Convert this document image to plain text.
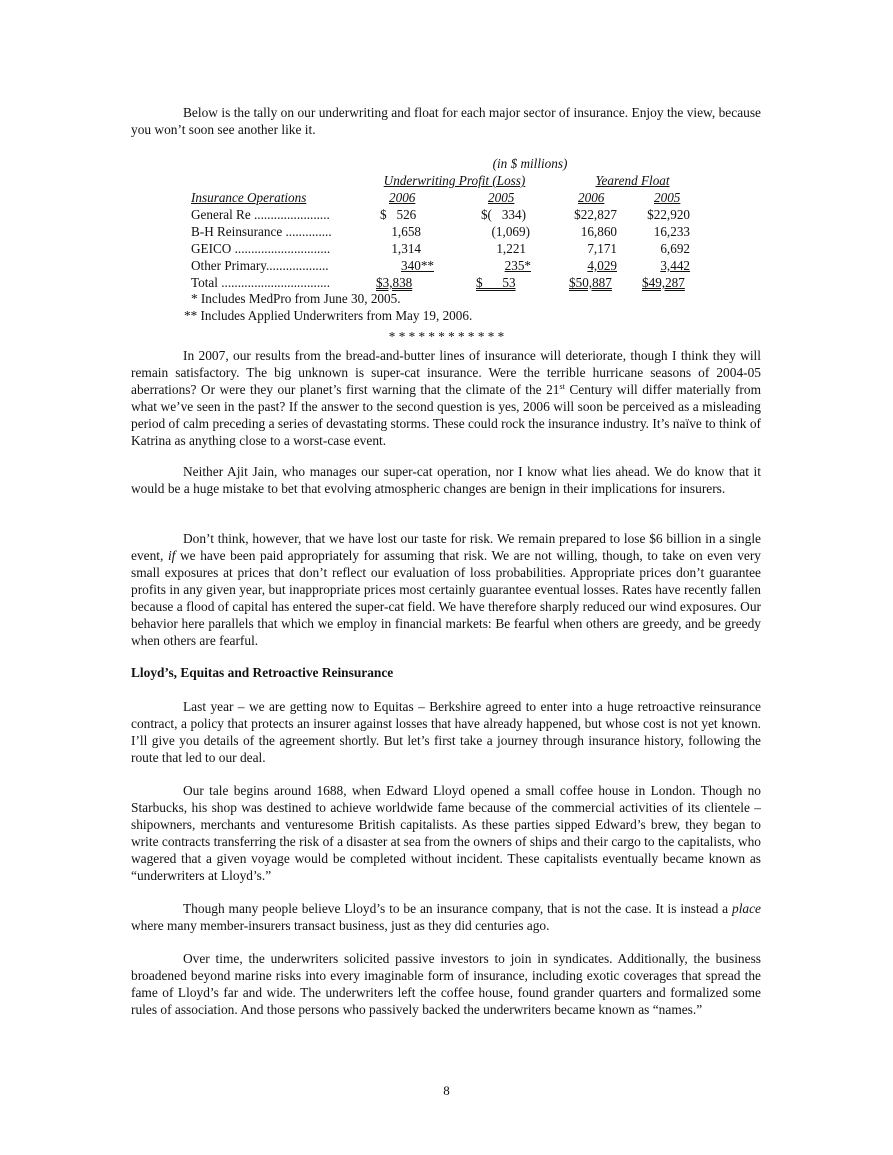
Below is the tally on our underwriting and float for each major sector of insurance. Enjoy the view, because you won’t soon see another like it.

(in $ millions)
Underwriting Profit (Loss)	Yearend Float
Insurance Operations	2006	2005	2006	2005
General Re .......................	$   526	$(   334)	$22,827	$22,920
B-H Reinsurance ..............	1,658	(1,069)	16,860	16,233
GEICO .............................	1,314	1,221	7,171	6,692
Other Primary...................	340**	235*	4,029	3,442
Total .................................	$3,838	$      53	$50,887 $49,287
* Includes MedPro from June 30, 2005.
** Includes Applied Underwriters from May 19, 2006.
* * * * * * * * * * * *

In 2007, our results from the bread-and-butter lines of insurance will deteriorate, though I think they will remain satisfactory. The big unknown is super-cat insurance. Were the terrible hurricane seasons of 2004-05 aberrations? Or were they our planet’s first warning that the climate of the 21st Century will differ materially from what we’ve seen in the past? If the answer to the second question is yes, 2006 will soon be perceived as a misleading period of calm preceding a series of devastating storms. These could rock the insurance industry. It’s naïve to think of Katrina as anything close to a worst-case event.

Neither Ajit Jain, who manages our super-cat operation, nor I know what lies ahead. We do know that it would be a huge mistake to bet that evolving atmospheric changes are benign in their implications for insurers.

Don’t think, however, that we have lost our taste for risk. We remain prepared to lose $6 billion in a single event, if we have been paid appropriately for assuming that risk. We are not willing, though, to take on even very small exposures at prices that don’t reflect our evaluation of loss probabilities. Appropriate prices don’t guarantee profits in any given year, but inappropriate prices most certainly guarantee eventual losses. Rates have recently fallen because a flood of capital has entered the super-cat field. We have therefore sharply reduced our wind exposures. Our behavior here parallels that which we employ in financial markets: Be fearful when others are greedy, and be greedy when others are fearful.

Lloyd’s, Equitas and Retroactive Reinsurance

Last year – we are getting now to Equitas – Berkshire agreed to enter into a huge retroactive reinsurance contract, a policy that protects an insurer against losses that have already happened, but whose cost is not yet known. I’ll give you details of the agreement shortly. But let’s first take a journey through insurance history, following the route that led to our deal.

Our tale begins around 1688, when Edward Lloyd opened a small coffee house in London. Though no Starbucks, his shop was destined to achieve worldwide fame because of the commercial activities of its clientele – shipowners, merchants and venturesome British capitalists. As these parties sipped Edward’s brew, they began to write contracts transferring the risk of a disaster at sea from the owners of ships and their cargo to the capitalists, who wagered that a given voyage would be completed without incident. These capitalists eventually became known as “underwriters at Lloyd’s.”

Though many people believe Lloyd’s to be an insurance company, that is not the case. It is instead a place where many member-insurers transact business, just as they did centuries ago.

Over time, the underwriters solicited passive investors to join in syndicates. Additionally, the business broadened beyond marine risks into every imaginable form of insurance, including exotic coverages that spread the fame of Lloyd’s far and wide. The underwriters left the coffee house, found grander quarters and formalized some rules of association. And those persons who passively backed the underwriters became known as “names.”

8
